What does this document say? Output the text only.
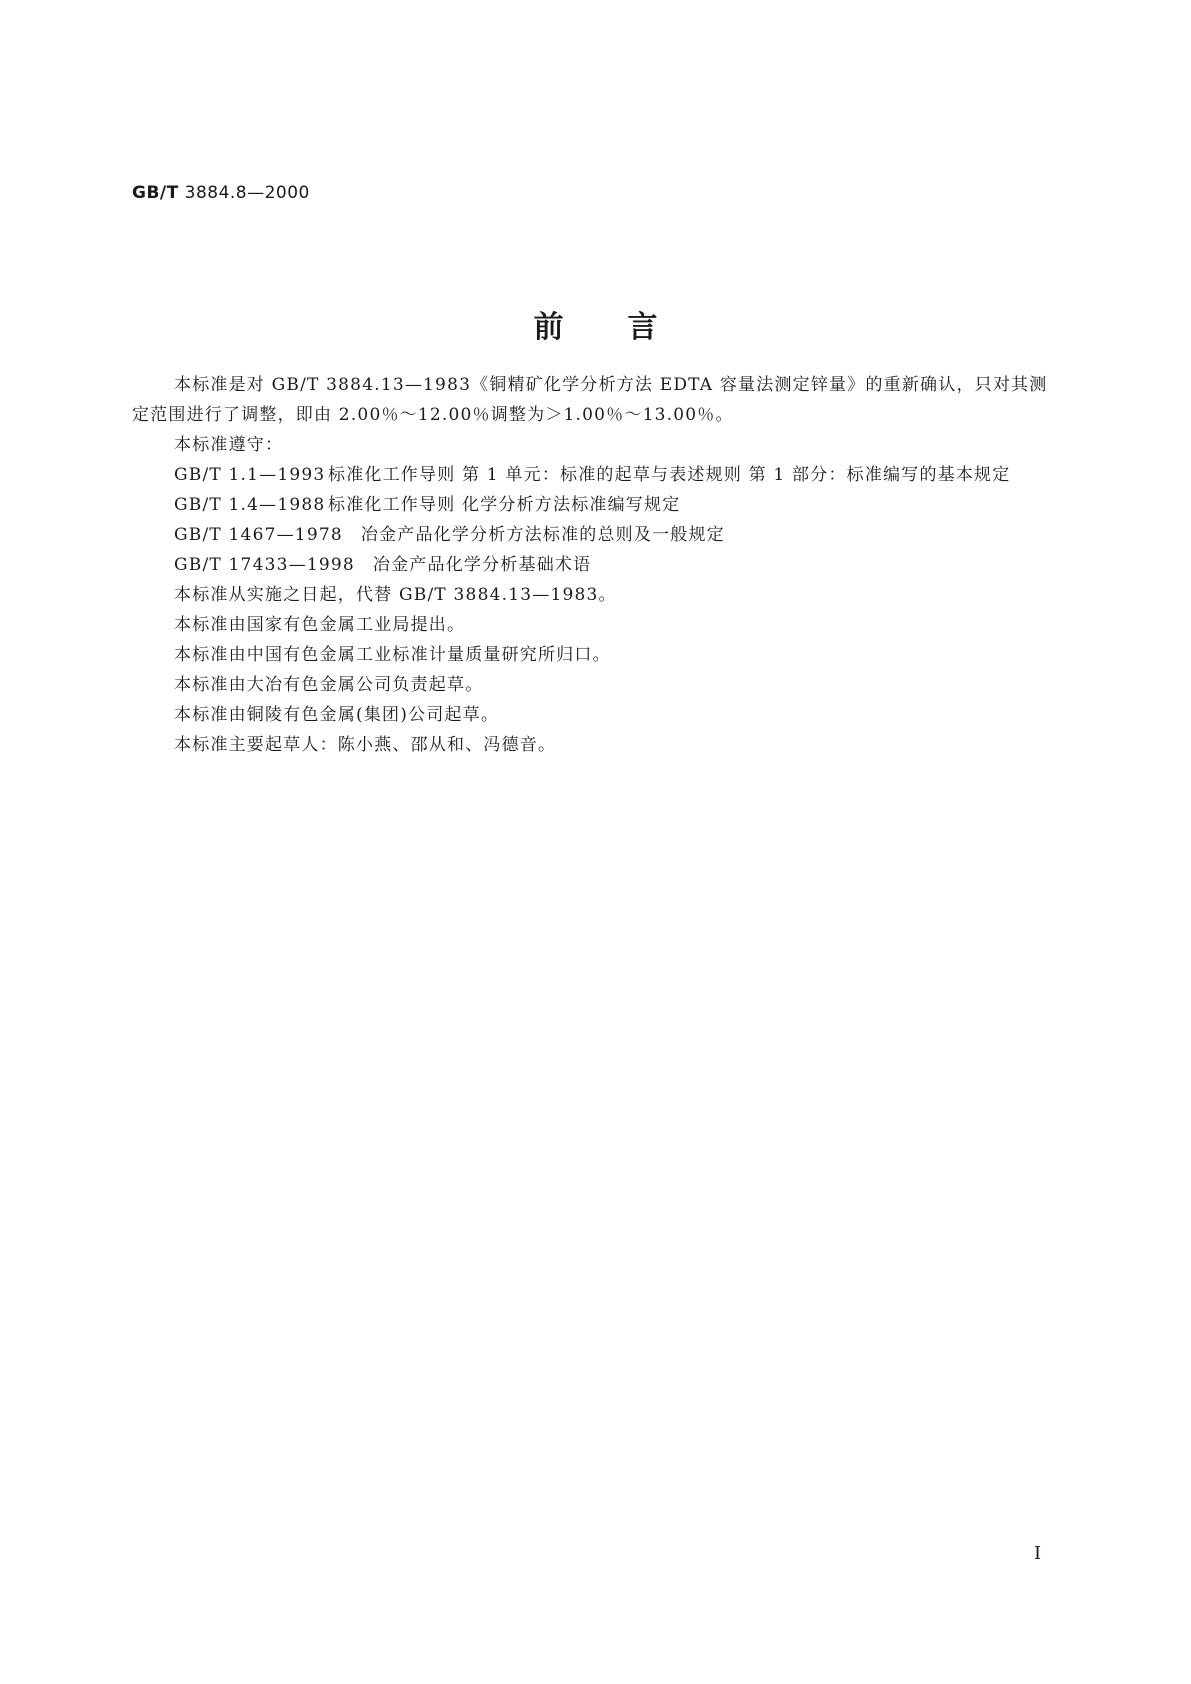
GB/T 3884.8—2000
前言

本标准是对 GB/T 3884.13—1983《铜精矿化学分析方法 EDTA 容量法测定锌量》的重新确认，只对其测定范围进行了调整，即由 2.00％～12.00％调整为＞1.00％～13.00％。

本标准遵守：
GB/T 1.1—1993 标准化工作导则 第 1 单元：标准的起草与表述规则 第 1 部分：标准编写的基本规定
GB/T 1.4—1988 标准化工作导则 化学分析方法标准编写规定
GB/T 1467—1978 冶金产品化学分析方法标准的总则及一般规定
GB/T 17433—1998 冶金产品化学分析基础术语
本标准从实施之日起，代替 GB/T 3884.13—1983。
本标准由国家有色金属工业局提出。
本标准由中国有色金属工业标准计量质量研究所归口。
本标准由大冶有色金属公司负责起草。
本标准由铜陵有色金属(集团)公司起草。
本标准主要起草人：陈小燕、邵从和、冯德音。
I
